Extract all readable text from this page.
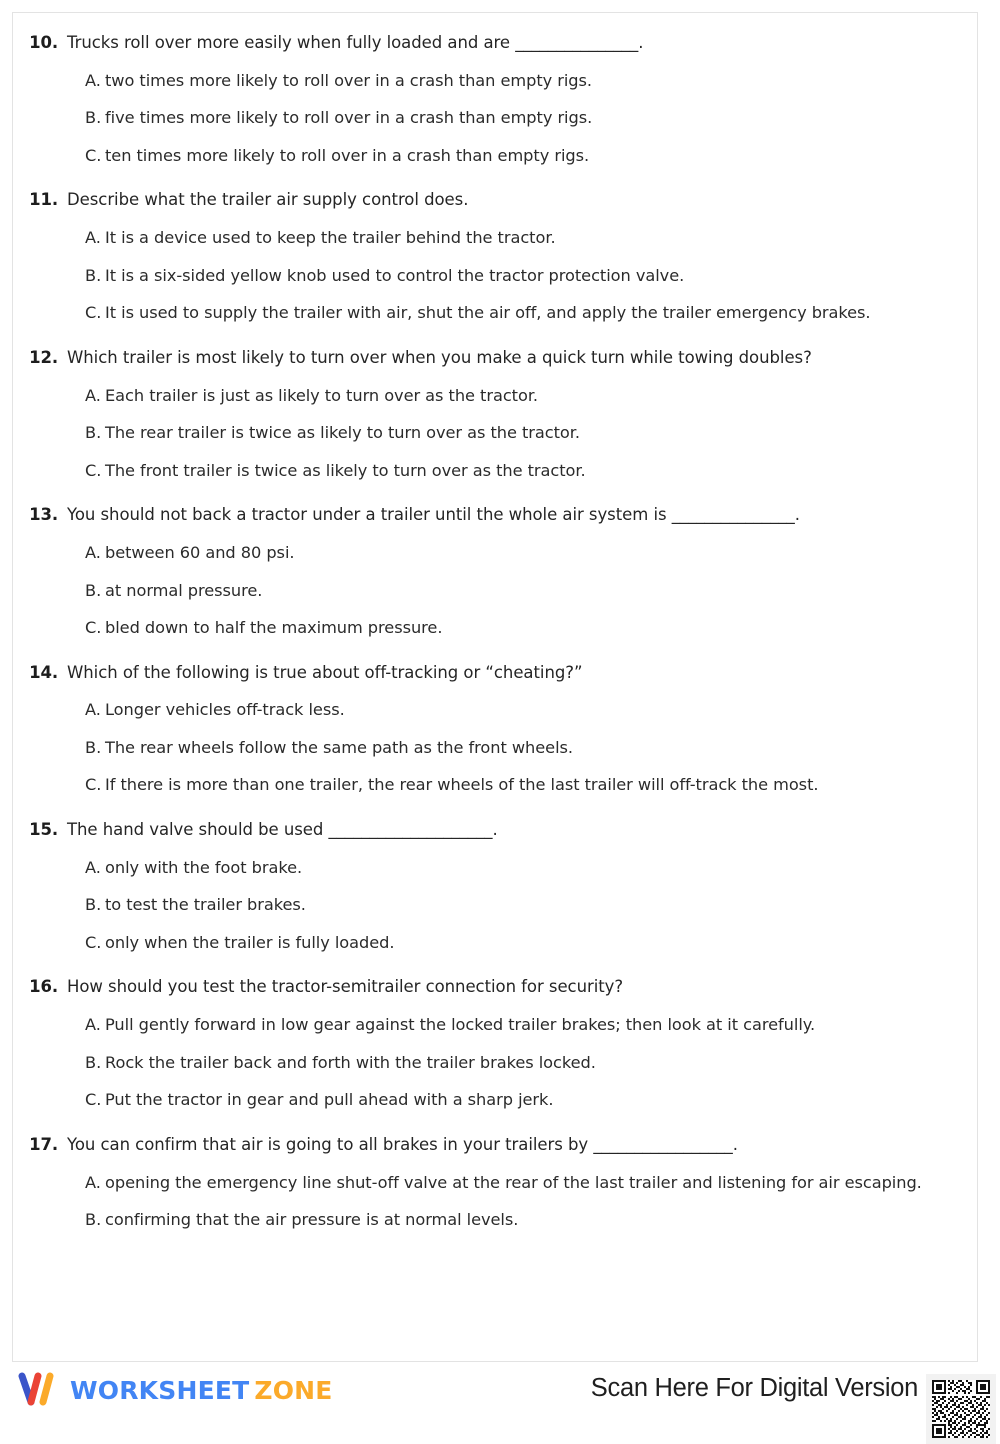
10. Trucks roll over more easily when fully loaded and are _______________.
A. two times more likely to roll over in a crash than empty rigs.
B. five times more likely to roll over in a crash than empty rigs.
C. ten times more likely to roll over in a crash than empty rigs.
11. Describe what the trailer air supply control does.
A. It is a device used to keep the trailer behind the tractor.
B. It is a six-sided yellow knob used to control the tractor protection valve.
C. It is used to supply the trailer with air, shut the air off, and apply the trailer emergency brakes.
12. Which trailer is most likely to turn over when you make a quick turn while towing doubles?
A. Each trailer is just as likely to turn over as the tractor.
B. The rear trailer is twice as likely to turn over as the tractor.
C. The front trailer is twice as likely to turn over as the tractor.
13. You should not back a tractor under a trailer until the whole air system is _______________.
A. between 60 and 80 psi.
B. at normal pressure.
C. bled down to half the maximum pressure.
14. Which of the following is true about off-tracking or “cheating?”
A. Longer vehicles off-track less.
B. The rear wheels follow the same path as the front wheels.
C. If there is more than one trailer, the rear wheels of the last trailer will off-track the most.
15. The hand valve should be used ____________________.
A. only with the foot brake.
B. to test the trailer brakes.
C. only when the trailer is fully loaded.
16. How should you test the tractor-semitrailer connection for security?
A. Pull gently forward in low gear against the locked trailer brakes; then look at it carefully.
B. Rock the trailer back and forth with the trailer brakes locked.
C. Put the tractor in gear and pull ahead with a sharp jerk.
17. You can confirm that air is going to all brakes in your trailers by _________________.
A. opening the emergency line shut-off valve at the rear of the last trailer and listening for air escaping.
B. confirming that the air pressure is at normal levels.
WORKSHEET ZONE	Scan Here For Digital Version
